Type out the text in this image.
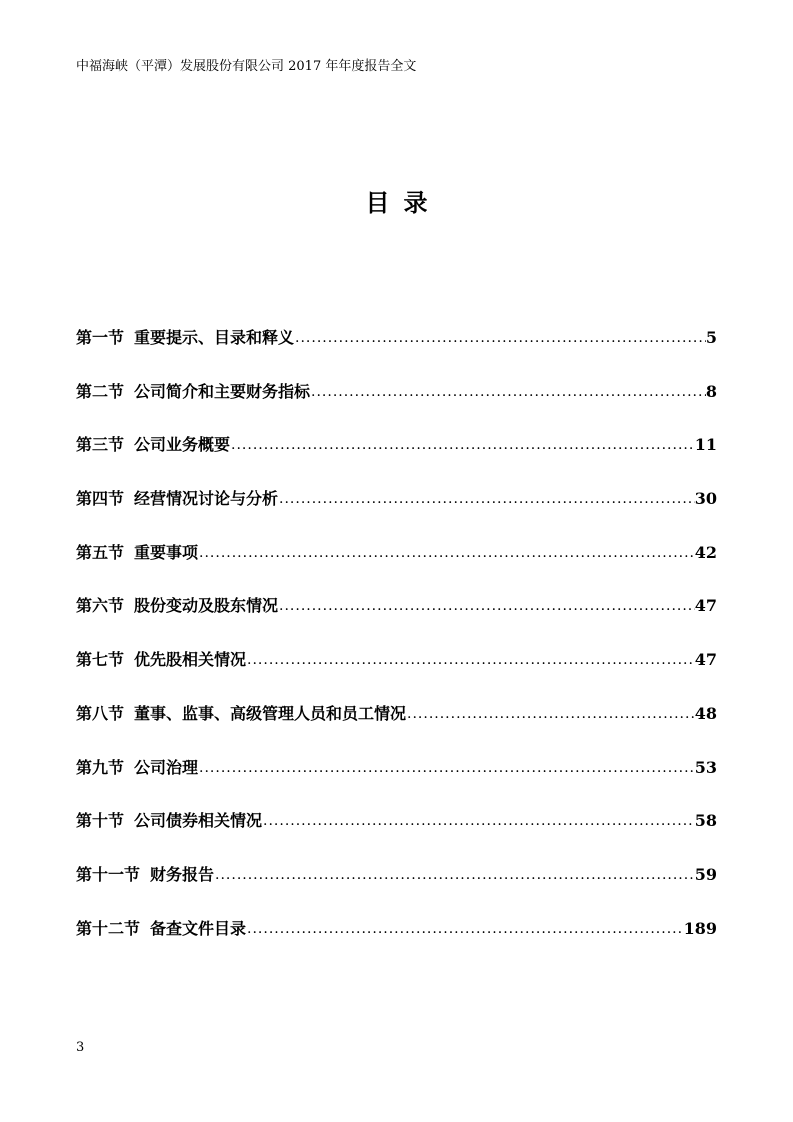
中福海峡（平潭）发展股份有限公司 2017 年年度报告全文
目录
第一节 重要提示、目录和释义 .....	5
第二节 公司简介和主要财务指标 .....	8
第三节 公司业务概要 .....	11
第四节 经营情况讨论与分析 .....	30
第五节 重要事项 .....	42
第六节 股份变动及股东情况 .....	47
第七节 优先股相关情况 .....	47
第八节 董事、监事、高级管理人员和员工情况 .....	48
第九节 公司治理 .....	53
第十节 公司债券相关情况 .....	58
第十一节 财务报告 .....	59
第十二节 备查文件目录 .....	189
3
